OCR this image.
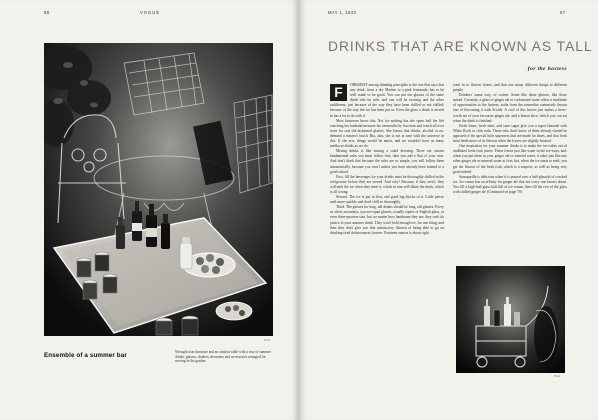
88	VOGUE
Photo
Ensemble of a summer bar	Wrought iron furniture and an outdoor table with a tray of summer drinks; glasses, shakers, decanters and accessories arranged for serving in the garden.
MAY 1, 1933	67
DRINKS THAT ARE KNOWN AS TALL
for the hostess

F	OREMOST among drinking principles is the one that says that any drink, from a dry Martini to a pink lemonade, has to be well made to be good. You can put ten glasses of the same drink side by side, and one will be exciting and the other indifferent, just because of the way they have been chilled or not chilled; because of the way the ice has been put in. Even the glass a drink is served in has a lot to do with it.

Most hostesses know this. Not for nothing has she spent half her life watching her husband measure his vermouths by fractions and watch all over town for real old-fashioned glasses. She knows that drinks, alcohol or no, demand a master's touch. But, alas, she is not at ease with the universe in this. If she errs, things would be amiss, and we wouldn't have as many mediocre drinks as we do.

Mixing drinks is like mixing a salad dressing. There are certain fundamental rules you must follow first, then you add a flair of your own. And don't think that because the rules are so simple, you will follow them automatically, because you won't unless you have already been trained to a good school.

First. All the beverages for your drinks must be thoroughly chilled in the refrigerator before they are served. And why? Because, if they aren't, they will melt the ice when they meet it, which in turn will dilute the drink, which is all wrong.

Second. The ice is put in first, and good big blocks of it. Little pieces melt more quickly and don't chill so thoroughly.

Third. The glasses for long, tall drinks should be long, tall glasses. Every so often, nowadays, you see squat glasses, usually copies of English glass, or even three-quarters size, but, no matter how handsome they are, they can't do justice to your summer drink. They won't hold enough ice, for one thing; and then they don't give you that satisfactory illusion of being able to go on drinking tired deliciousness forever. Fourteen ounces is about right.

went in to flavour fizzes, and that one many different things to different people.

Drinkers' name vary, of course. Some like those glasses, like those mixed. Certainly, a glass of ginger ale or carbonated water offers a multitude of opportunities to the hostess, aside from the somewhat commonly known one of flavouring it with Scotch. A cool of this brown just makes a brew-worth tea of your favourite ginger ale, and a lemon slice, which you can eat when the drink is finished.

Fresh limes, fresh mint, and cane sugar give you a super limeade with White Rock or club soda. Those who don't know of them already should be apprised of the special little squeezers that are made for limes, and that fresh mint lends more of its flavour when the leaves are slightly bruised.

One inspiration for your summer drinks is to make the ice-cubes out of undiluted fresh fruit juices. These freeze just like water in the ice-trays, and, when you put them in your ginger ale or mineral water, it takes just like any other ginger ale or mineral water at first; but, when the ice starts to melt, you get the flavour of the fresh fruit, which is a surprise, as well as being very good indeed.

Sarsaparilla is delicious when it is poured over a half-glassful of cracked ice. Ice-cream has an affinity for ginger ale that not every one knows about. You fill a high-ball glass half full of ice-cream, then fill the rest of the glass with chilled ginger ale (Continued on page 70)

Photo
